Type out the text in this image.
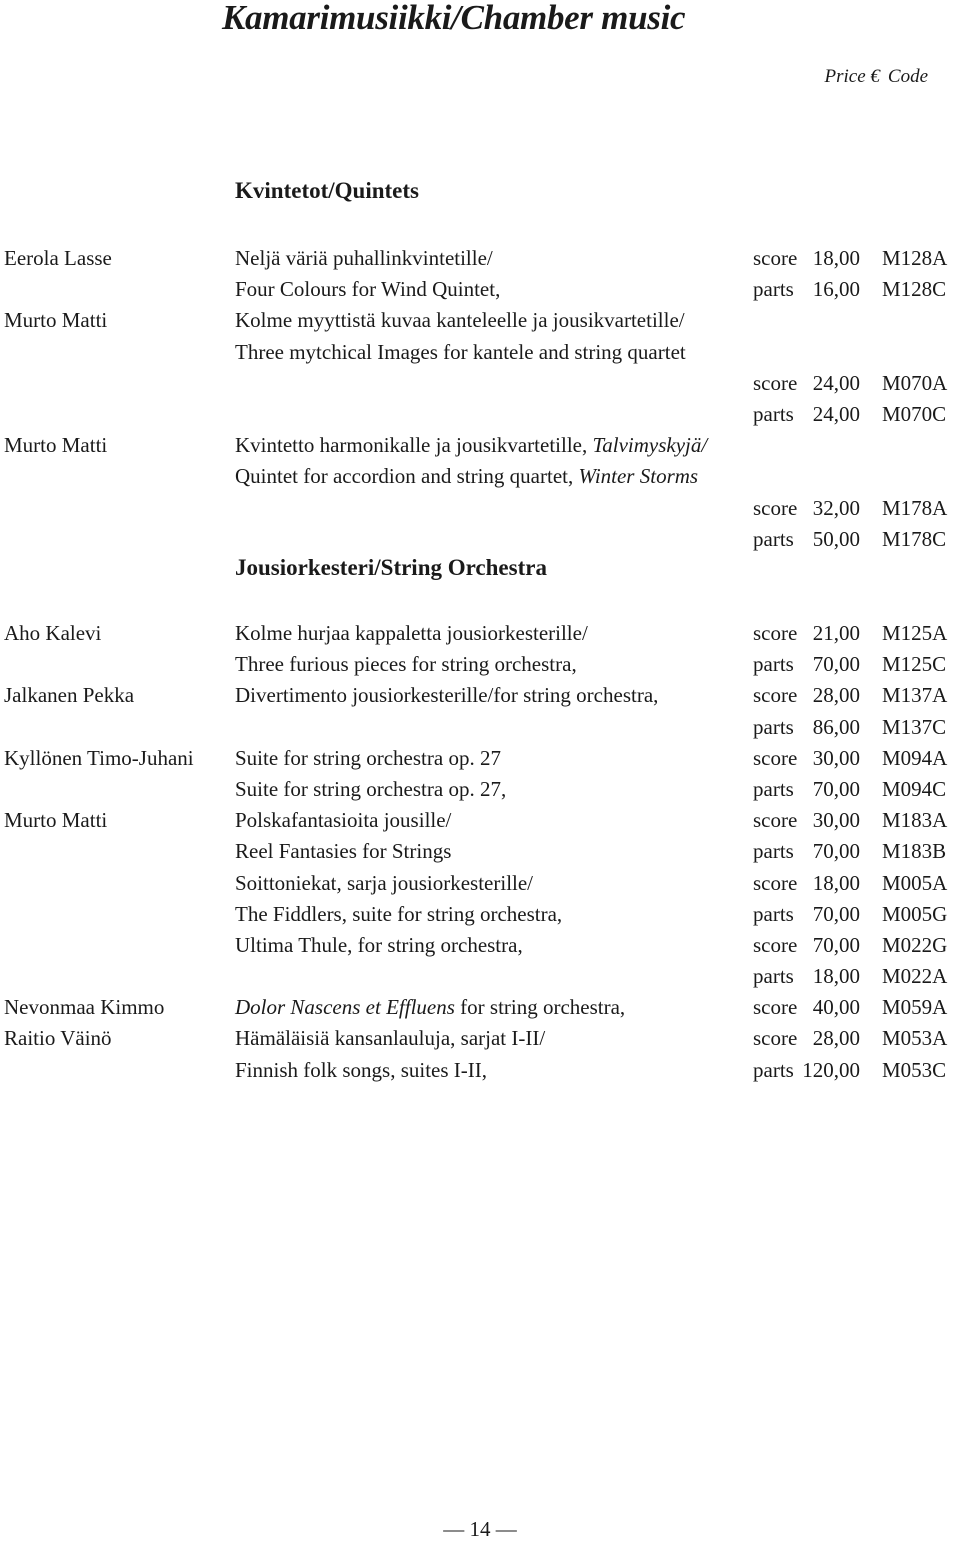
Kamarimusiikki/Chamber music
Price € Code
Kvintetot/Quintets
Eerola Lasse	Neljä väriä puhallinkvintetille/	score 18,00 M128A
Four Colours for Wind Quintet,	parts 16,00 M128C
Murto Matti	Kolme myyttistä kuvaa kanteleelle ja jousikvartetille/
Three mytchical Images for kantele and string quartet
score 24,00 M070A
parts 24,00 M070C
Murto Matti	Kvintetto harmonikalle ja jousikvartetille, Talvimyskyjä/
Quintet for accordion and string quartet, Winter Storms
score 32,00 M178A
parts 50,00 M178C
Jousiorkesteri/String Orchestra
Aho Kalevi	Kolme hurjaa kappaletta jousiorkesterille/	score 21,00 M125A
Three furious pieces for string orchestra,	parts 70,00 M125C
Jalkanen Pekka	Divertimento jousiorkesterille/for string orchestra,	score 28,00 M137A
parts 86,00 M137C
Kyllönen Timo-Juhani Suite for string orchestra op. 27	score 30,00 M094A
Suite for string orchestra op. 27,	parts 70,00 M094C
Murto Matti	Polskafantasioita jousille/	score 30,00 M183A
Reel Fantasies for Strings	parts 70,00 M183B
Soittoniekat, sarja jousiorkesterille/	score 18,00 M005A
The Fiddlers, suite for string orchestra,	parts 70,00 M005G
Ultima Thule, for string orchestra,	score 70,00 M022G
parts 18,00 M022A
Nevonmaa Kimmo	Dolor Nascens et Effluens for string orchestra,	score 40,00 M059A
Raitio Väinö	Hämäläisiä kansanlauluja, sarjat I-II/	score 28,00 M053A
Finnish folk songs, suites I-II,	parts 120,00 M053C
— 14 —
